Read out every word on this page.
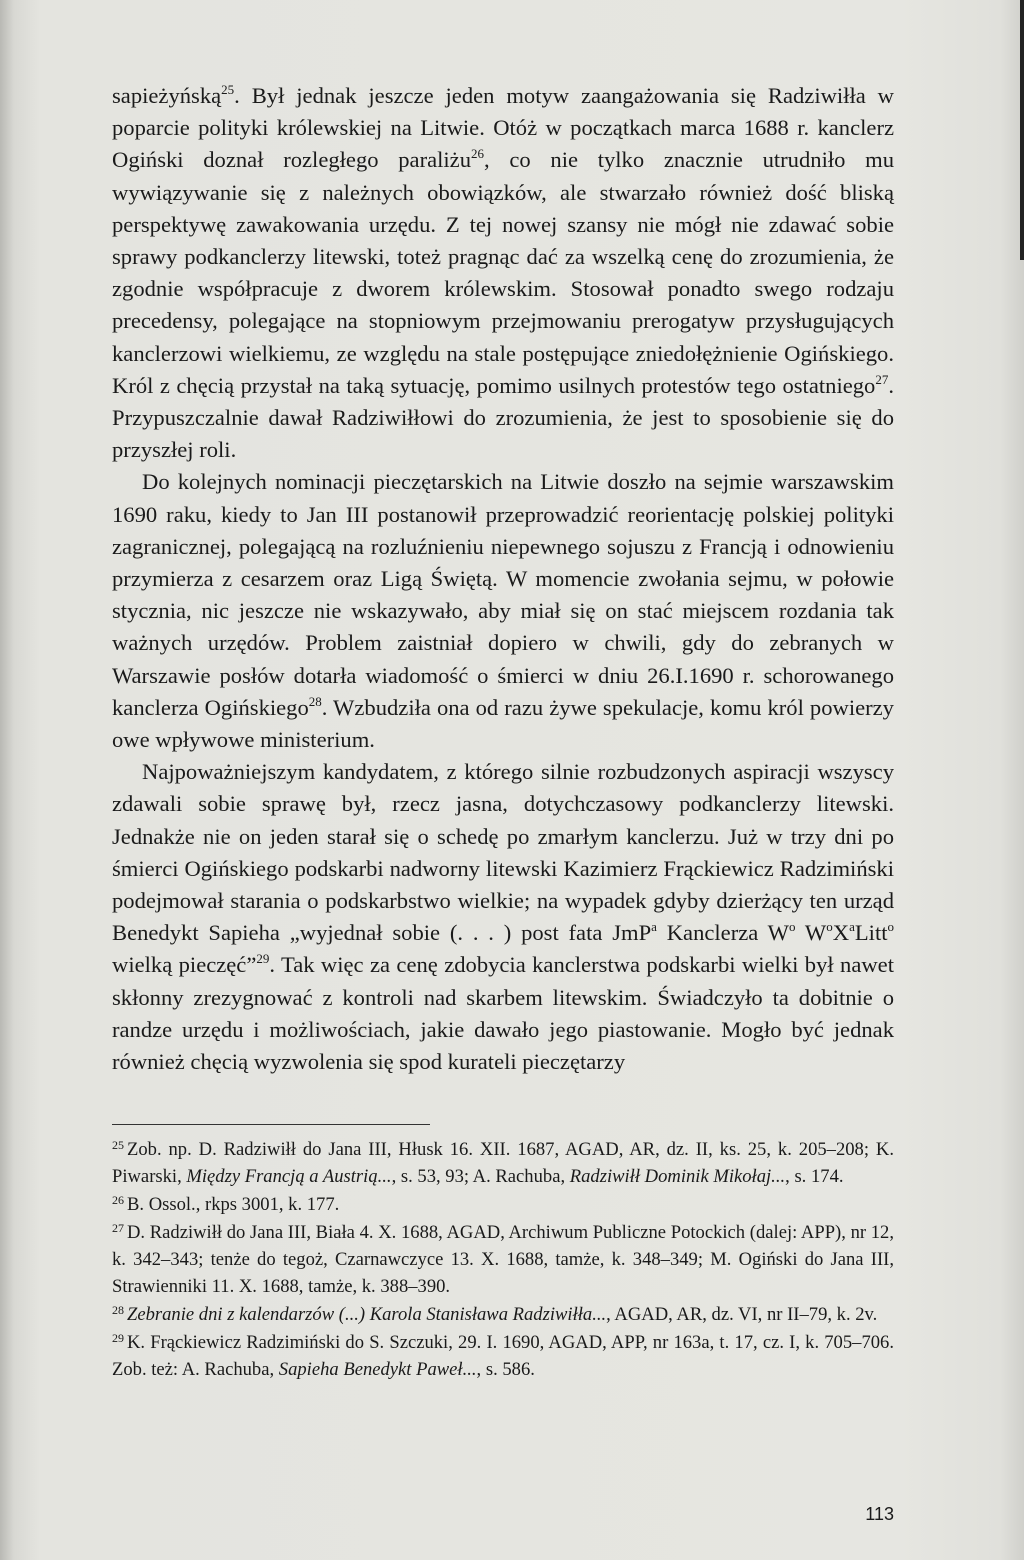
sapieżyńską$^{25}$. Był jednak jeszcze jeden motyw zaangażowania się Radziwiłła w poparcie polityki królewskiej na Litwie. Otóż w początkach marca 1688 r. kanclerz Ogiński doznał rozległego paraliżu$^{26}$, co nie tylko znacznie utrudniło mu wywiązywanie się z należnych obowiązków, ale stwarzało również dość bliską perspektywę zawakowania urzędu. Z tej nowej szansy nie mógł nie zdawać sobie sprawy podkanclerzy litewski, toteż pragnąc dać za wszelką cenę do zrozumienia, że zgodnie współpracuje z dworem królewskim. Stosował ponadto swego rodzaju precedensy, polegające na stopniowym przejmowaniu prerogatyw przysługujących kanclerzowi wielkiemu, ze względu na stale postępujące zniedołężnienie Ogińskiego. Król z chęcią przystał na taką sytuację, pomimo usilnych protestów tego ostatniego$^{27}$. Przypuszczalnie dawał Radziwiłłowi do zrozumienia, że jest to sposobienie się do przyszłej roli.

Do kolejnych nominacji pieczętarskich na Litwie doszło na sejmie warszawskim 1690 raku, kiedy to Jan III postanowił przeprowadzić reorientację polskiej polityki zagranicznej, polegającą na rozluźnieniu niepewnego sojuszu z Francją i odnowieniu przymierza z cesarzem oraz Ligą Świętą. W momencie zwołania sejmu, w połowie stycznia, nic jeszcze nie wskazywało, aby miał się on stać miejscem rozdania tak ważnych urzędów. Problem zaistniał dopiero w chwili, gdy do zebranych w Warszawie posłów dotarła wiadomość o śmierci w dniu 26.I.1690 r. schorowanego kanclerza Ogińskiego$^{28}$. Wzbudziła ona od razu żywe spekulacje, komu król powierzy owe wpływowe ministerium.

Najpoważniejszym kandydatem, z którego silnie rozbudzonych aspiracji wszyscy zdawali sobie sprawę był, rzecz jasna, dotychczasowy podkanclerzy litewski. Jednakże nie on jeden starał się o schedę po zmarłym kanclerzu. Już w trzy dni po śmierci Ogińskiego podskarbi nadworny litewski Kazimierz Frąckiewicz Radzimiński podejmował starania o podskarbstwo wielkie; na wypadek gdyby dzierżący ten urząd Benedykt Sapieha „wyjednał sobie (. . . ) post fata JmP$^a$ Kanclerza $W^o$ $W^oX^aLitt^o$ wielką pieczęć”$^{29}$. Tak więc za cenę zdobycia kanclerstwa podskarbi wielki był nawet skłonny zrezygnować z kontroli nad skarbem litewskim. Świadczyło ta dobitnie o randze urzędu i możliwościach, jakie dawało jego piastowanie. Mogło być jednak również chęcią wyzwolenia się spod kurateli pieczętarzy

$^{25}$ Zob. np. D. Radziwiłł do Jana III, Hłusk 16. XII. 1687, AGAD, AR, dz. II, ks. 25, k. 205–208; K. Piwarski, Między Francją a Austrią..., s. 53, 93; A. Rachuba, Radziwiłł Dominik Mikołaj..., s. 174.

$^{26}$ B. Ossol., rkps 3001, k. 177.

$^{27}$ D. Radziwiłł do Jana III, Biała 4. X. 1688, AGAD, Archiwum Publiczne Potockich (dalej: APP), nr 12, k. 342–343; tenże do tegoż, Czarnawczyce 13. X. 1688, tamże, k. 348–349; M. Ogiński do Jana III, Strawienniki 11. X. 1688, tamże, k. 388–390.

$^{28}$ Zebranie dni z kalendarzów (...) Karola Stanisława Radziwiłła..., AGAD, AR, dz. VI, nr II–79, k. 2v.

$^{29}$ K. Frąckiewicz Radzimiński do S. Szczuki, 29. I. 1690, AGAD, APP, nr 163a, t. 17, cz. I, k. 705–706. Zob. też: A. Rachuba, Sapieha Benedykt Paweł..., s. 586.

113
